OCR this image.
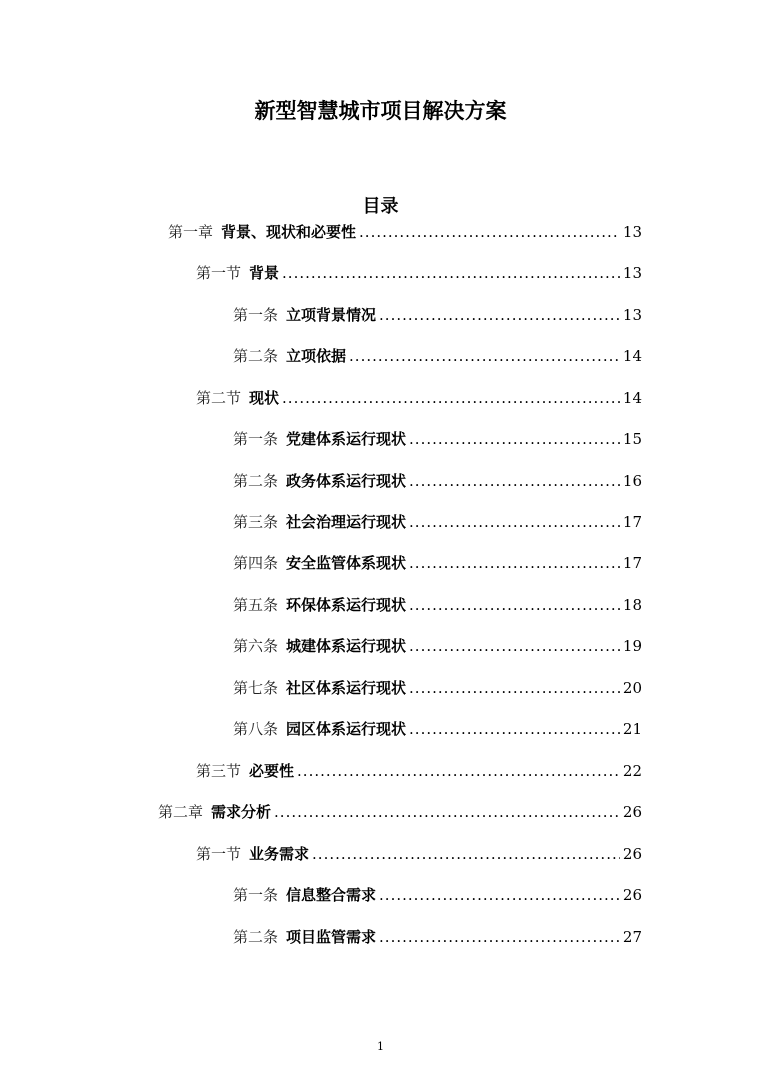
新型智慧城市项目解决方案
目录
第一章 背景、现状和必要性 .....	13
第一节 背景 .....	13
第一条 立项背景情况 .....	13
第二条 立项依据 .....	14
第二节 现状 .....	14
第一条 党建体系运行现状 .....	15
第二条 政务体系运行现状 .....	16
第三条 社会治理运行现状 .....	17
第四条 安全监管体系现状 .....	17
第五条 环保体系运行现状 .....	18
第六条 城建体系运行现状 .....	19
第七条 社区体系运行现状 .....	20
第八条 园区体系运行现状 .....	21
第三节 必要性 .....	22
第二章 需求分析 .....	26
第一节 业务需求 .....	26
第一条 信息整合需求 .....	26
第二条 项目监管需求 .....	27
1
